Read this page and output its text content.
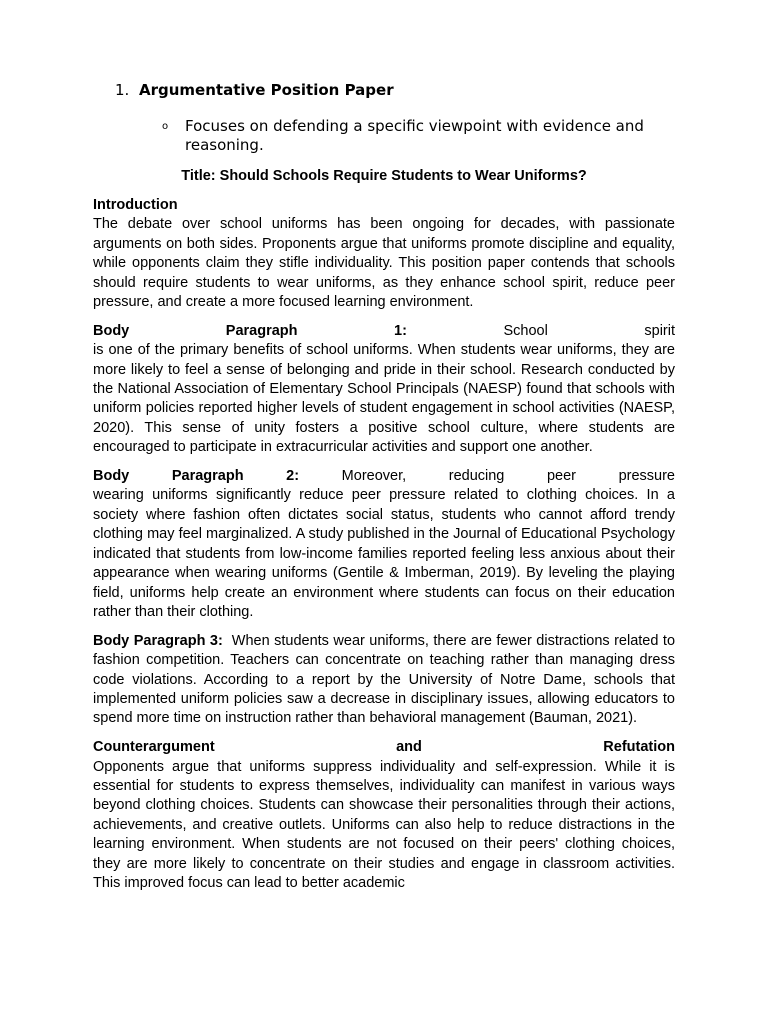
1. Argumentative Position Paper
o Focuses on defending a specific viewpoint with evidence and reasoning.
Title: Should Schools Require Students to Wear Uniforms?

Introduction
The debate over school uniforms has been ongoing for decades, with passionate arguments on both sides. Proponents argue that uniforms promote discipline and equality, while opponents claim they stifle individuality. This position paper contends that schools should require students to wear uniforms, as they enhance school spirit, reduce peer pressure, and create a more focused learning environment.

Body Paragraph 1:	School spirit
is one of the primary benefits of school uniforms. When students wear uniforms, they are more likely to feel a sense of belonging and pride in their school. Research conducted by the National Association of Elementary School Principals (NAESP) found that schools with uniform policies reported higher levels of student engagement in school activities (NAESP, 2020). This sense of unity fosters a positive school culture, where students are encouraged to participate in extracurricular activities and support one another.

Body Paragraph 2:	Moreover, reducing peer pressure
wearing uniforms significantly reduce peer pressure related to clothing choices. In a society where fashion often dictates social status, students who cannot afford trendy clothing may feel marginalized. A study published in the Journal of Educational Psychology indicated that students from low-income families reported feeling less anxious about their appearance when wearing uniforms (Gentile & Imberman, 2019). By leveling the playing field, uniforms help create an environment where students can focus on their education rather than their clothing.

Body Paragraph 3: When students wear uniforms, there are fewer distractions related to fashion competition. Teachers can concentrate on teaching rather than managing dress code violations. According to a report by the University of Notre Dame, schools that implemented uniform policies saw a decrease in disciplinary issues, allowing educators to spend more time on instruction rather than behavioral management (Bauman, 2021).

Counterargument and Refutation
Opponents argue that uniforms suppress individuality and self-expression. While it is essential for students to express themselves, individuality can manifest in various ways beyond clothing choices. Students can showcase their personalities through their actions, achievements, and creative outlets. Uniforms can also help to reduce distractions in the learning environment. When students are not focused on their peers' clothing choices, they are more likely to concentrate on their studies and engage in classroom activities. This improved focus can lead to better academic
